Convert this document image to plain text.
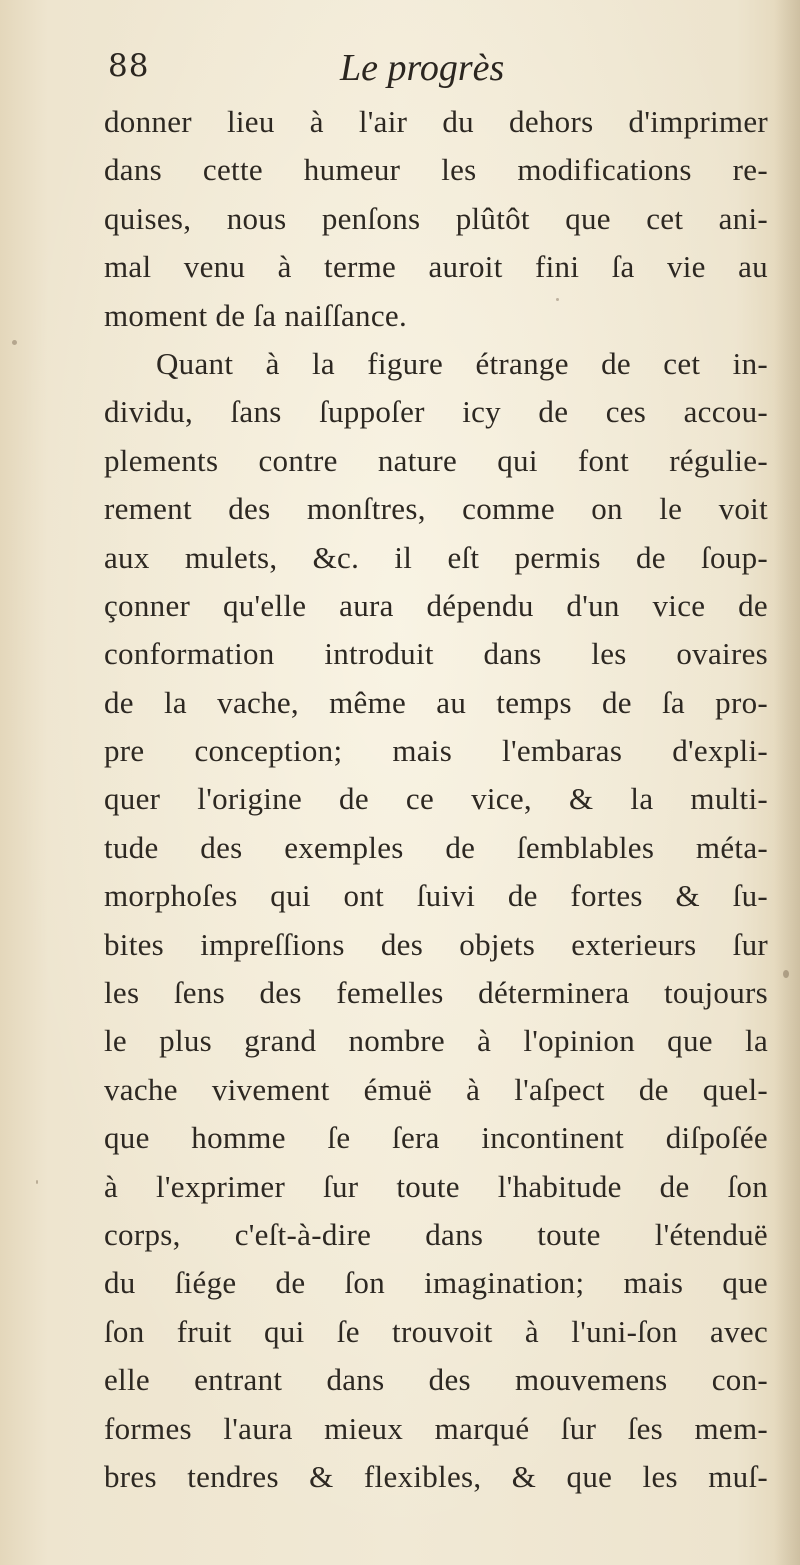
88	Le progrès
donner lieu à l'air du dehors d'imprimer
dans cette humeur les modifications re-
quises, nous penſons plûtôt que cet ani-
mal venu à terme auroit fini ſa vie au
moment de ſa naiſſance.
Quant à la figure étrange de cet in-
dividu, ſans ſuppoſer icy de ces accou-
plements contre nature qui font régulie-
rement des monſtres, comme on le voit
aux mulets, &c. il eſt permis de ſoup-
çonner qu'elle aura dépendu d'un vice de
conformation introduit dans les ovaires
de la vache, même au temps de ſa pro-
pre conception; mais l'embaras d'expli-
quer l'origine de ce vice, & la multi-
tude des exemples de ſemblables méta-
morphoſes qui ont ſuivi de fortes & ſu-
bites impreſſions des objets exterieurs ſur
les ſens des femelles déterminera toujours
le plus grand nombre à l'opinion que la
vache vivement émuë à l'aſpect de quel-
que homme ſe ſera incontinent diſpoſée
à l'exprimer ſur toute l'habitude de ſon
corps, c'eſt-à-dire dans toute l'étenduë
du ſiége de ſon imagination; mais que
ſon fruit qui ſe trouvoit à l'uni-ſon avec
elle entrant dans des mouvemens con-
formes l'aura mieux marqué ſur ſes mem-
bres tendres & flexibles, & que les muſ-
